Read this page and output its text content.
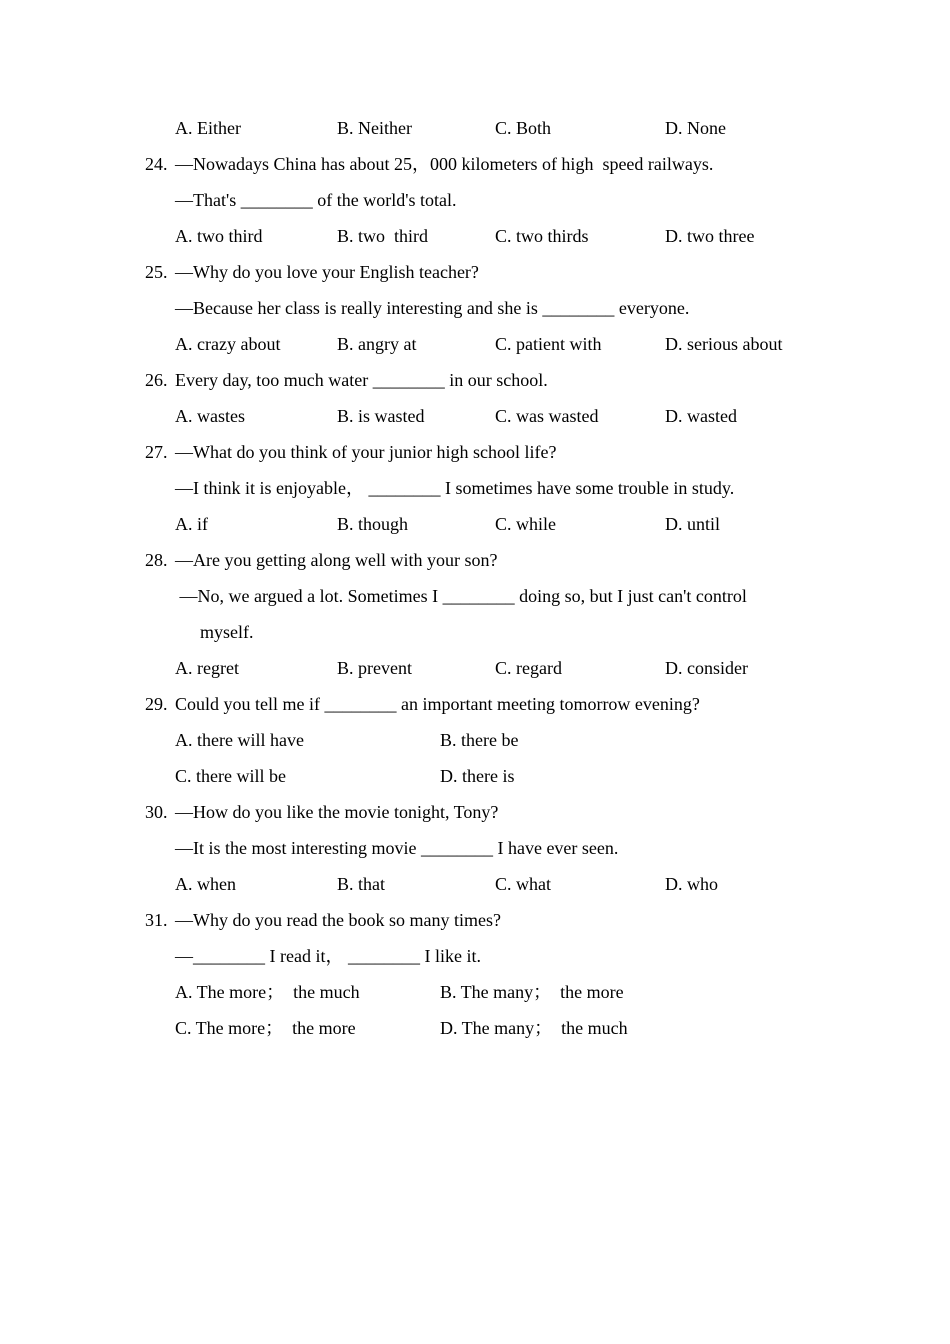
A. Either	B. Neither	C. Both	D. None
24. —Nowadays China has about 25，000 kilometers of high  speed railways.
—That's ________ of the world's total.
A. two third	B. two  third	C. two thirds	D. two three
25. —Why do you love your English teacher?
—Because her class is really interesting and she is ________ everyone.
A. crazy about	B. angry at	C. patient with	D. serious about
26. Every day, too much water ________ in our school.
A. wastes	B. is wasted	C. was wasted	D. wasted
27. —What do you think of your junior high school life?
—I think it is enjoyable， ________ I sometimes have some trouble in study.
A. if	B. though	C. while	D. until
28. —Are you getting along well with your son?
—No, we argued a lot. Sometimes I ________ doing so, but I just can't control
myself.
A. regret	B. prevent	C. regard	D. consider
29. Could you tell me if ________ an important meeting tomorrow evening?
A. there will have	B. there be
C. there will be	D. there is
30. —How do you like the movie tonight, Tony?
—It is the most interesting movie ________ I have ever seen.
A. when	B. that	C. what	D. who
31. —Why do you read the book so many times?
—________ I read it， ________ I like it.
A. The more；  the much	B. The many；  the more
C. The more；  the more	D. The many；  the much
